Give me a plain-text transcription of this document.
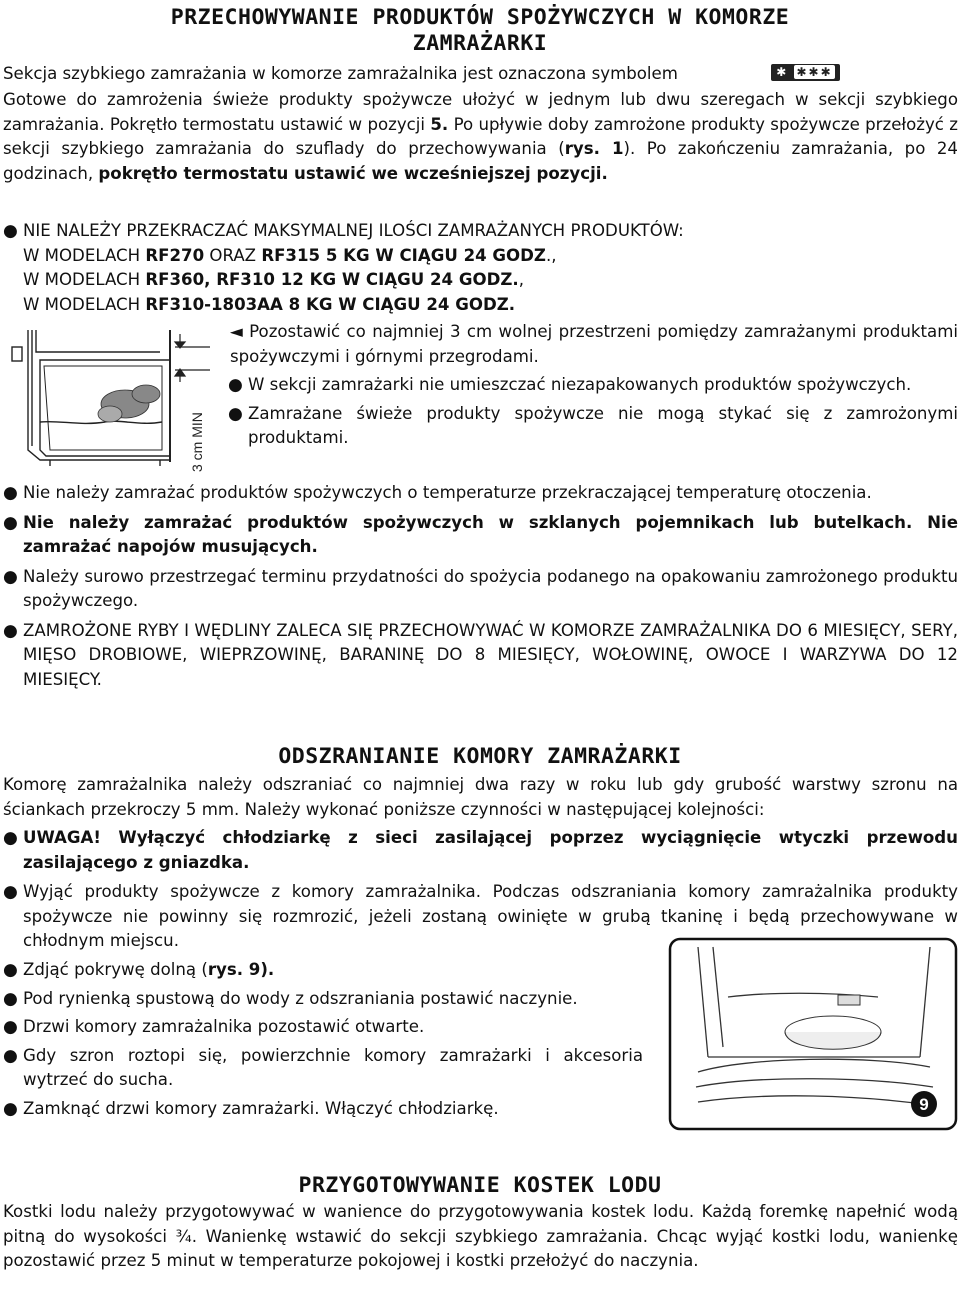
PRZECHOWYWANIE PRODUKTÓW SPOŻYWCZYCH W KOMORZE
ZAMRAŻARKI
Sekcja szybkiego zamrażania w komorze zamrażalnika jest oznaczona symbolem	✱ ✱✱✱
Gotowe do zamrożenia świeże produkty spożywcze ułożyć w jednym lub dwu szeregach w sekcji szybkiego zamrażania. Pokrętło termostatu ustawić w pozycji 5. Po upływie doby zamrożone produkty spożywcze przełożyć z sekcji szybkiego zamrażania do szuflady do przechowywania (rys. 1). Po zakończeniu zamrażania, po 24 godzinach, pokrętło termostatu ustawić we wcześniejszej pozycji.
● NIE NALEŻY PRZEKRACZAĆ MAKSYMALNEJ ILOŚCI ZAMRAŻANYCH PRODUKTÓW:
W MODELACH RF270 ORAZ RF315 5 KG W CIĄGU 24 GODZ.,
W MODELACH RF360, RF310 12 KG W CIĄGU 24 GODZ.,
W MODELACH RF310-1803AA 8 KG W CIĄGU 24 GODZ.
3 cm MIN
◄ Pozostawić co najmniej 3 cm wolnej przestrzeni pomiędzy zamrażanymi produktami spożywczymi i górnymi przegrodami.
● W sekcji zamrażarki nie umieszczać niezapakowanych produktów spożywczych.
● Zamrażane świeże produkty spożywcze nie mogą stykać się z zamrożonymi produktami.
● Nie należy zamrażać produktów spożywczych o temperaturze przekraczającej temperaturę otoczenia.
● Nie należy zamrażać produktów spożywczych w szklanych pojemnikach lub butelkach. Nie zamrażać napojów musujących.
● Należy surowo przestrzegać terminu przydatności do spożycia podanego na opakowaniu zamrożonego produktu spożywczego.
● ZAMROŻONE RYBY I WĘDLINY ZALECA SIĘ PRZECHOWYWAĆ W KOMORZE ZAMRAŻALNIKA DO 6 MIESIĘCY, SERY, MIĘSO DROBIOWE, WIEPRZOWINĘ, BARANINĘ DO 8 MIESIĘCY, WOŁOWINĘ, OWOCE I WARZYWA DO 12 MIESIĘCY.
ODSZRANIANIE KOMORY ZAMRAŻARKI
Komorę zamrażalnika należy odszraniać co najmniej dwa razy w roku lub gdy grubość warstwy szronu na ściankach przekroczy 5 mm. Należy wykonać poniższe czynności w następującej kolejności:
● UWAGA! Wyłączyć chłodziarkę z sieci zasilającej poprzez wyciągnięcie wtyczki przewodu zasilającego z gniazdka.
● Wyjąć produkty spożywcze z komory zamrażalnika. Podczas odszraniania komory zamrażalnika produkty spożywcze nie powinny się rozmrozić, jeżeli zostaną owinięte w grubą tkaninę i będą przechowywane w chłodnym miejscu.
● Zdjąć pokrywę dolną (rys. 9).
● Pod rynienką spustową do wody z odszraniania postawić naczynie.
● Drzwi komory zamrażalnika pozostawić otwarte.
● Gdy szron roztopi się, powierzchnie komory zamrażarki i akcesoria wytrzeć do sucha.
● Zamknąć drzwi komory zamrażarki. Włączyć chłodziarkę.	9
PRZYGOTOWYWANIE KOSTEK LODU
Kostki lodu należy przygotowywać w wanience do przygotowywania kostek lodu. Każdą foremkę napełnić wodą pitną do wysokości ¾. Wanienkę wstawić do sekcji szybkiego zamrażania. Chcąc wyjąć kostki lodu, wanienkę pozostawić przez 5 minut w temperaturze pokojowej i kostki przełożyć do naczynia.
